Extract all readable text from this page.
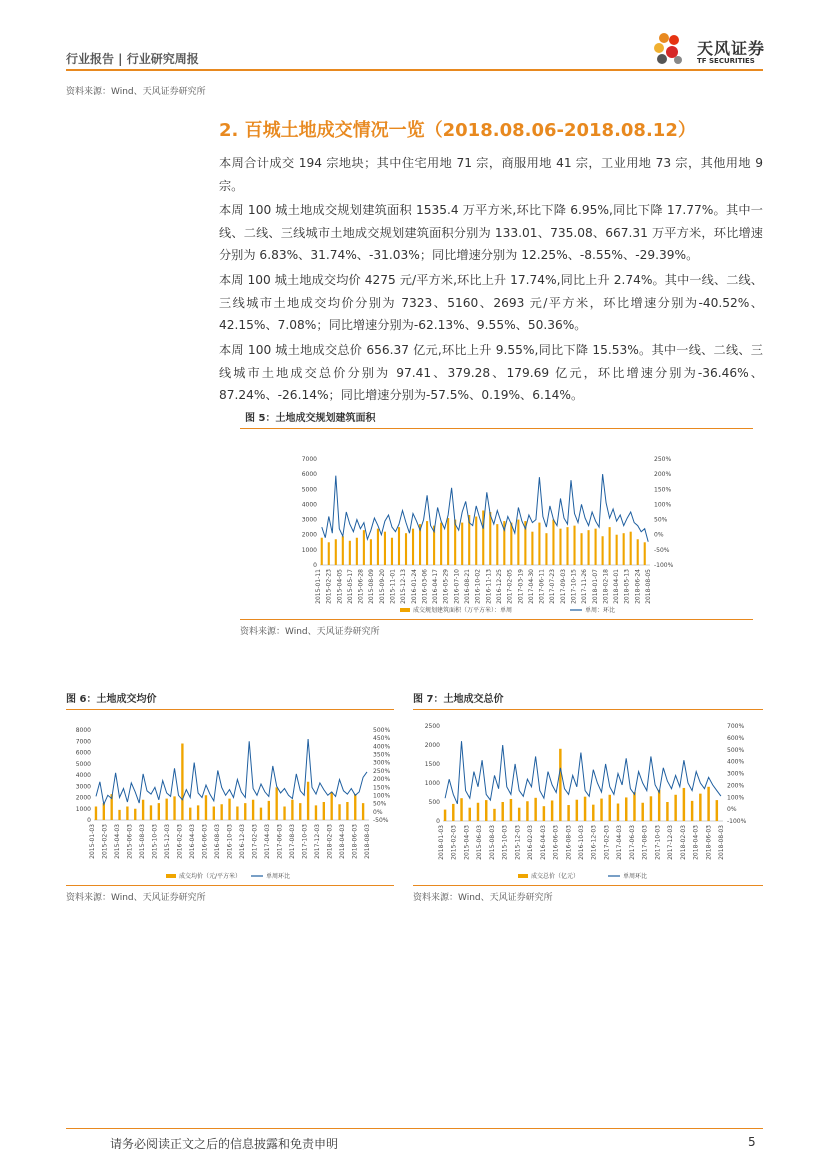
行业报告 | 行业研究周报
天风证券
TF SECURITIES
资料来源：Wind、天风证券研究所
2. 百城土地成交情况一览（2018.08.06-2018.08.12）
本周合计成交 194 宗地块；其中住宅用地 71 宗，商服用地 41 宗，工业用地 73 宗，其他用地 9 宗。
本周 100 城土地成交规划建筑面积 1535.4 万平方米,环比下降 6.95%,同比下降 17.77%。其中一线、二线、三线城市土地成交规划建筑面积分别为 133.01、735.08、667.31 万平方米，环比增速分别为 6.83%、31.74%、-31.03%；同比增速分别为 12.25%、-8.55%、-29.39%。
本周 100 城土地成交均价 4275 元/平方米,环比上升 17.74%,同比上升 2.74%。其中一线、二线、三线城市土地成交均价分别为 7323、5160、2693 元/平方米，环比增速分别为-40.52%、42.15%、7.08%；同比增速分别为-62.13%、9.55%、50.36%。
本周 100 城土地成交总价 656.37 亿元,环比上升 9.55%,同比下降 15.53%。其中一线、二线、三线城市土地成交总价分别为 97.41、379.28、179.69 亿元，环比增速分别为-36.46%、87.24%、-26.14%；同比增速分别为-57.5%、0.19%、6.14%。
图 5：土地成交规划建筑面积
0
1000
2000
3000
4000
5000
6000
7000
-100%
-50%
0%
50%
100%
150%
200%
250%
2015-01-11 2015-02-23 2015-04-05 2015-05-17 2015-06-28 2015-08-09 2015-09-20 2015-11-01 2015-12-13 2016-01-24 2016-03-06 2016-04-17 2016-05-29 2016-07-10 2016-08-21 2016-10-02 2016-11-13 2016-12-25 2017-02-05 2017-03-19 2017-04-30 2017-06-11 2017-07-23 2017-09-03 2017-10-15 2017-11-26 2018-01-07 2018-02-18 2018-04-01 2018-05-13 2018-06-24 2018-08-05
成交规划建筑面积（万平方米）：单周	单周：环比
资料来源：Wind、天风证券研究所
图 6：土地成交均价
0
1000
2000
3000
4000
5000
6000
7000
8000
-50%
0%
50%
100%
150%
200%
250%
300%
350%
400%
450%
500%
2015-01-03 2015-02-03 2015-04-03 2015-06-03 2015-08-03 2015-10-03 2015-12-03 2016-02-03 2016-04-03 2016-06-03 2016-08-03 2016-10-03 2016-12-03 2017-02-03 2017-04-03 2017-06-03 2017-08-03 2017-10-03 2017-12-03 2018-02-03 2018-04-03 2018-06-03 2018-08-03
成交均价（元/平方米）	单周环比
资料来源：Wind、天风证券研究所
图 7：土地成交总价
0
500
1000
1500
2000
2500
-100%
0%
100%
200%
300%
400%
500%
600%
700%
2018-01-03 2015-02-03 2015-04-03 2015-06-03 2015-08-03 2015-10-03 2015-12-03 2016-02-03 2016-04-03 2016-06-03 2016-08-03 2016-10-03 2016-12-03 2017-02-03 2017-04-03 2017-06-03 2017-08-03 2017-10-03 2017-12-03 2018-02-03 2018-04-03 2018-06-03 2018-08-03
成交总价（亿元）	单周环比
资料来源：Wind、天风证券研究所
请务必阅读正文之后的信息披露和免责申明	5
